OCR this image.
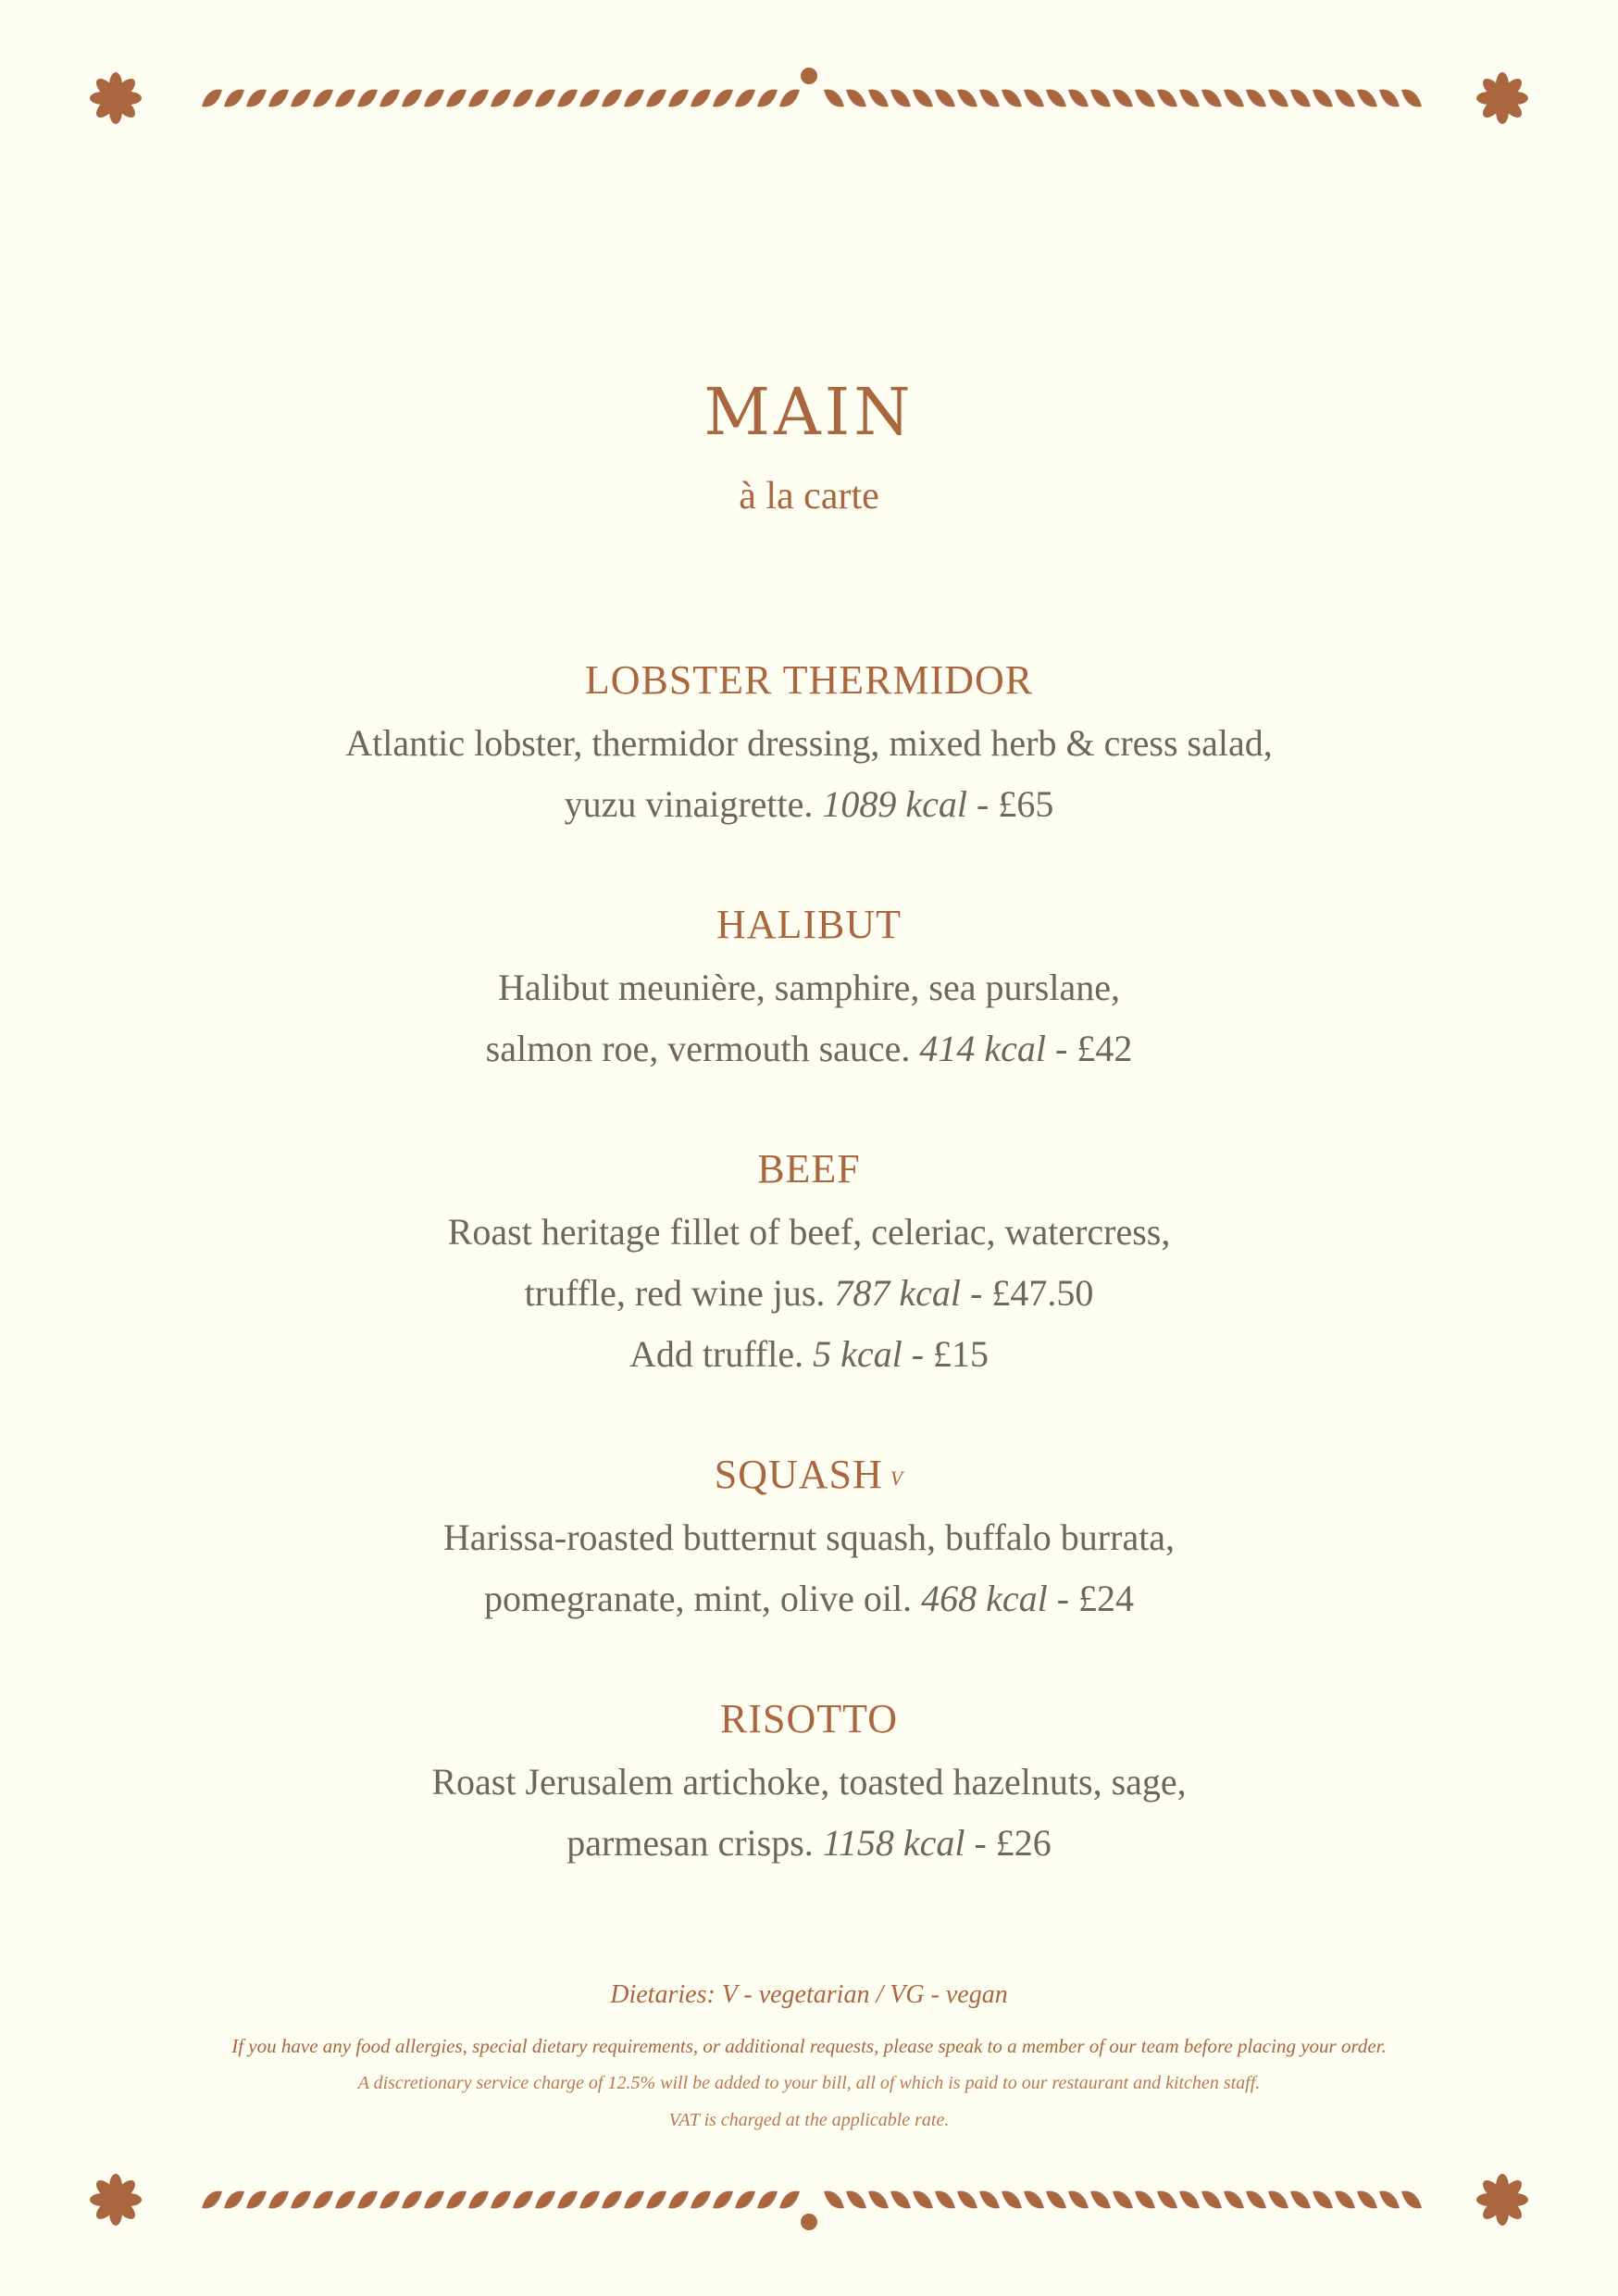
MAIN
à la carte
LOBSTER THERMIDOR
Atlantic lobster, thermidor dressing, mixed herb & cress salad,
yuzu vinaigrette. 1089 kcal - £65
HALIBUT
Halibut meunière, samphire, sea purslane,
salmon roe, vermouth sauce. 414 kcal - £42
BEEF
Roast heritage fillet of beef, celeriac, watercress,
truffle, red wine jus. 787 kcal - £47.50
Add truffle. 5 kcal - £15
SQUASH $^V$
Harissa-roasted butternut squash, buffalo burrata,
pomegranate, mint, olive oil. 468 kcal - £24
RISOTTO
Roast Jerusalem artichoke, toasted hazelnuts, sage,
parmesan crisps. 1158 kcal - £26
Dietaries: V - vegetarian / VG - vegan
If you have any food allergies, special dietary requirements, or additional requests, please speak to a member of our team before placing your order.
A discretionary service charge of 12.5% will be added to your bill, all of which is paid to our restaurant and kitchen staff.
VAT is charged at the applicable rate.
